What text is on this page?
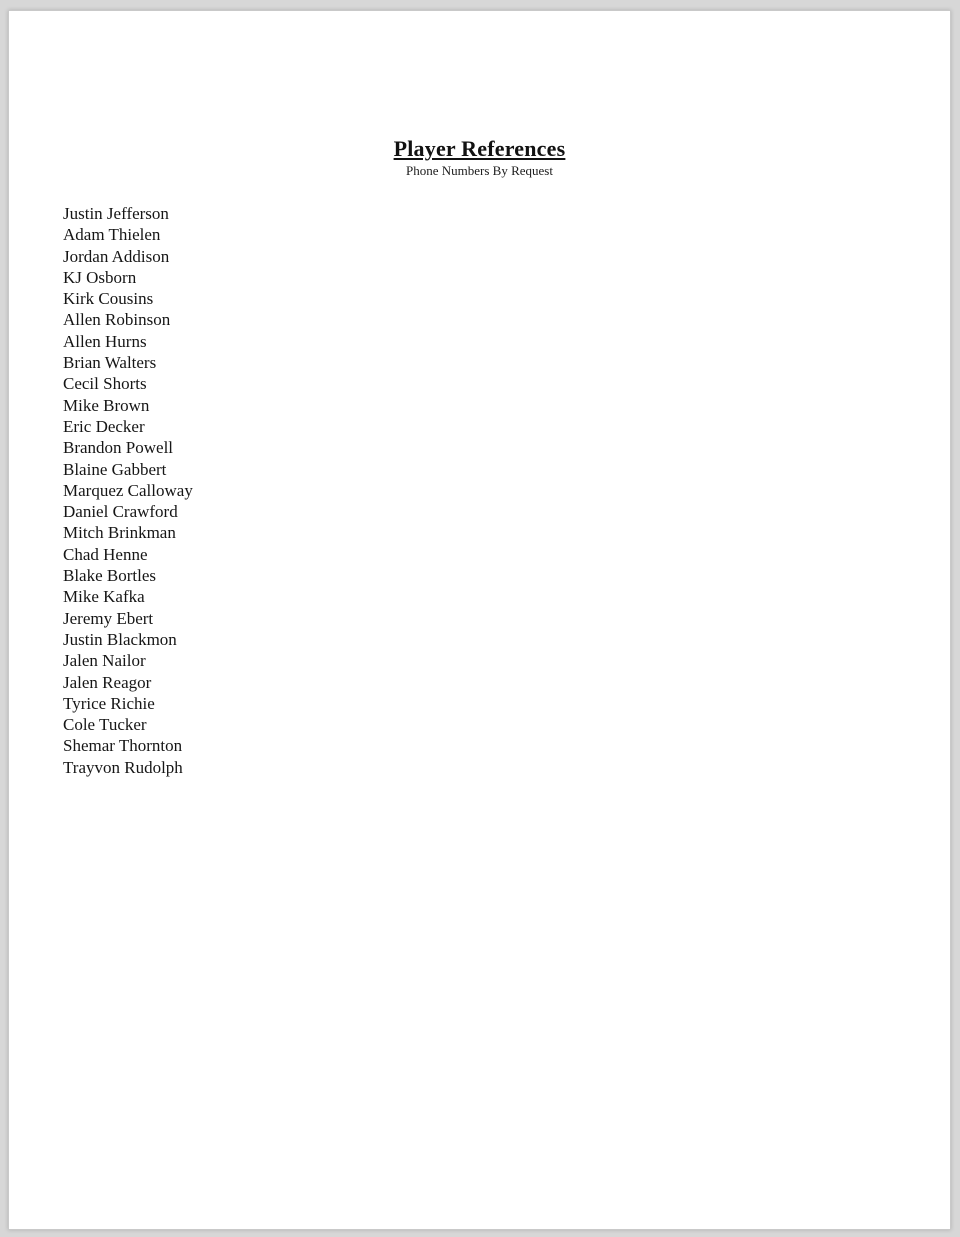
Player References
Phone Numbers By Request
Justin Jefferson
Adam Thielen
Jordan Addison
KJ Osborn
Kirk Cousins
Allen Robinson
Allen Hurns
Brian Walters
Cecil Shorts
Mike Brown
Eric Decker
Brandon Powell
Blaine Gabbert
Marquez Calloway
Daniel Crawford
Mitch Brinkman
Chad Henne
Blake Bortles
Mike Kafka
Jeremy Ebert
Justin Blackmon
Jalen Nailor
Jalen Reagor
Tyrice Richie
Cole Tucker
Shemar Thornton
Trayvon Rudolph
